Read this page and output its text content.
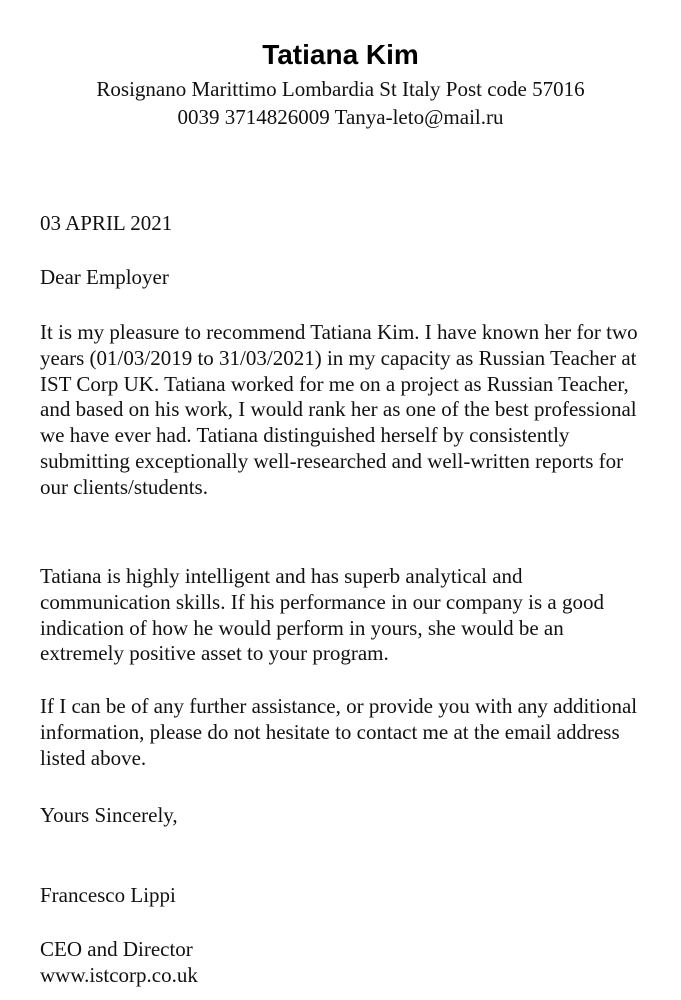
Tatiana Kim
Rosignano Marittimo Lombardia St Italy Post code 57016
0039 3714826009 Tanya-leto@mail.ru

03 APRIL 2021

Dear Employer

It is my pleasure to recommend Tatiana Kim. I have known her for two years (01/03/2019 to 31/03/2021) in my capacity as Russian Teacher at IST Corp UK. Tatiana worked for me on a project as Russian Teacher, and based on his work, I would rank her as one of the best professional we have ever had. Tatiana distinguished herself by consistently submitting exceptionally well-researched and well-written reports for our clients/students.

Tatiana is highly intelligent and has superb analytical and communication skills. If his performance in our company is a good indication of how he would perform in yours, she would be an extremely positive asset to your program.

If I can be of any further assistance, or provide you with any additional information, please do not hesitate to contact me at the email address listed above.

Yours Sincerely,

Francesco Lippi

CEO and Director

www.istcorp.co.uk
